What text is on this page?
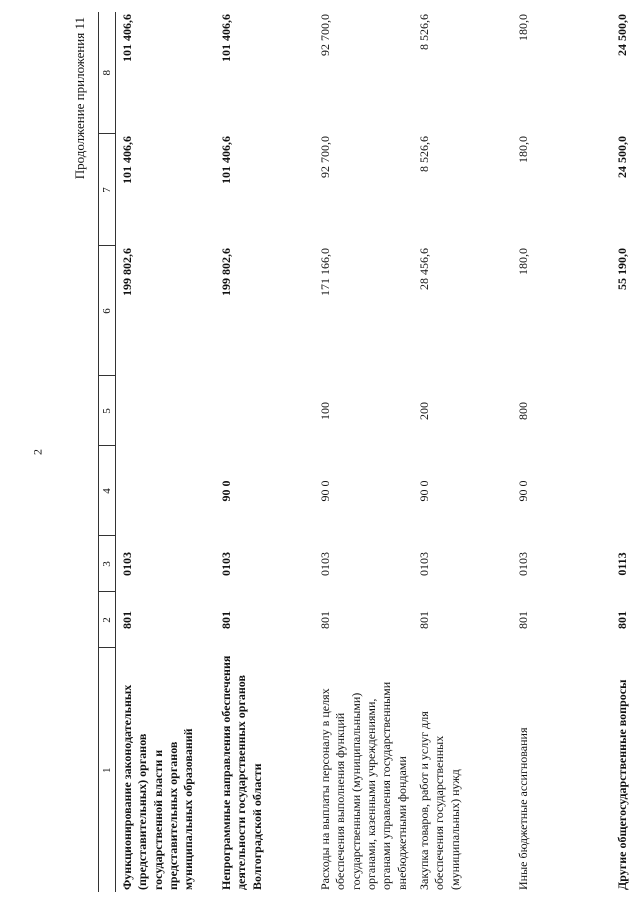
2
Продолжение приложения 11
1	2	3	4	5	6	7	8
Функционирование законодательных (представительных) органов государственной власти и представительных органов муниципальных образований	801	0103			199 802,6	101 406,6	101 406,6
Непрограммные направления обеспечения деятельности государственных органов Волгоградской области	801	0103	90 0		199 802,6	101 406,6	101 406,6
Расходы на выплаты персоналу в целях обеспечения выполнения функций государственными (муниципальными) органами, казенными учреждениями, органами управления государственными внебюджетными фондами	801	0103	90 0	100	171 166,0	92 700,0	92 700,0
Закупка товаров, работ и услуг для обеспечения государственных (муниципальных) нужд	801	0103	90 0	200	28 456,6	8 526,6	8 526,6
Иные бюджетные ассигнования	801	0103	90 0	800	180,0	180,0	180,0
Другие общегосударственные вопросы	801	0113			55 190,0	24 500,0	24 500,0
